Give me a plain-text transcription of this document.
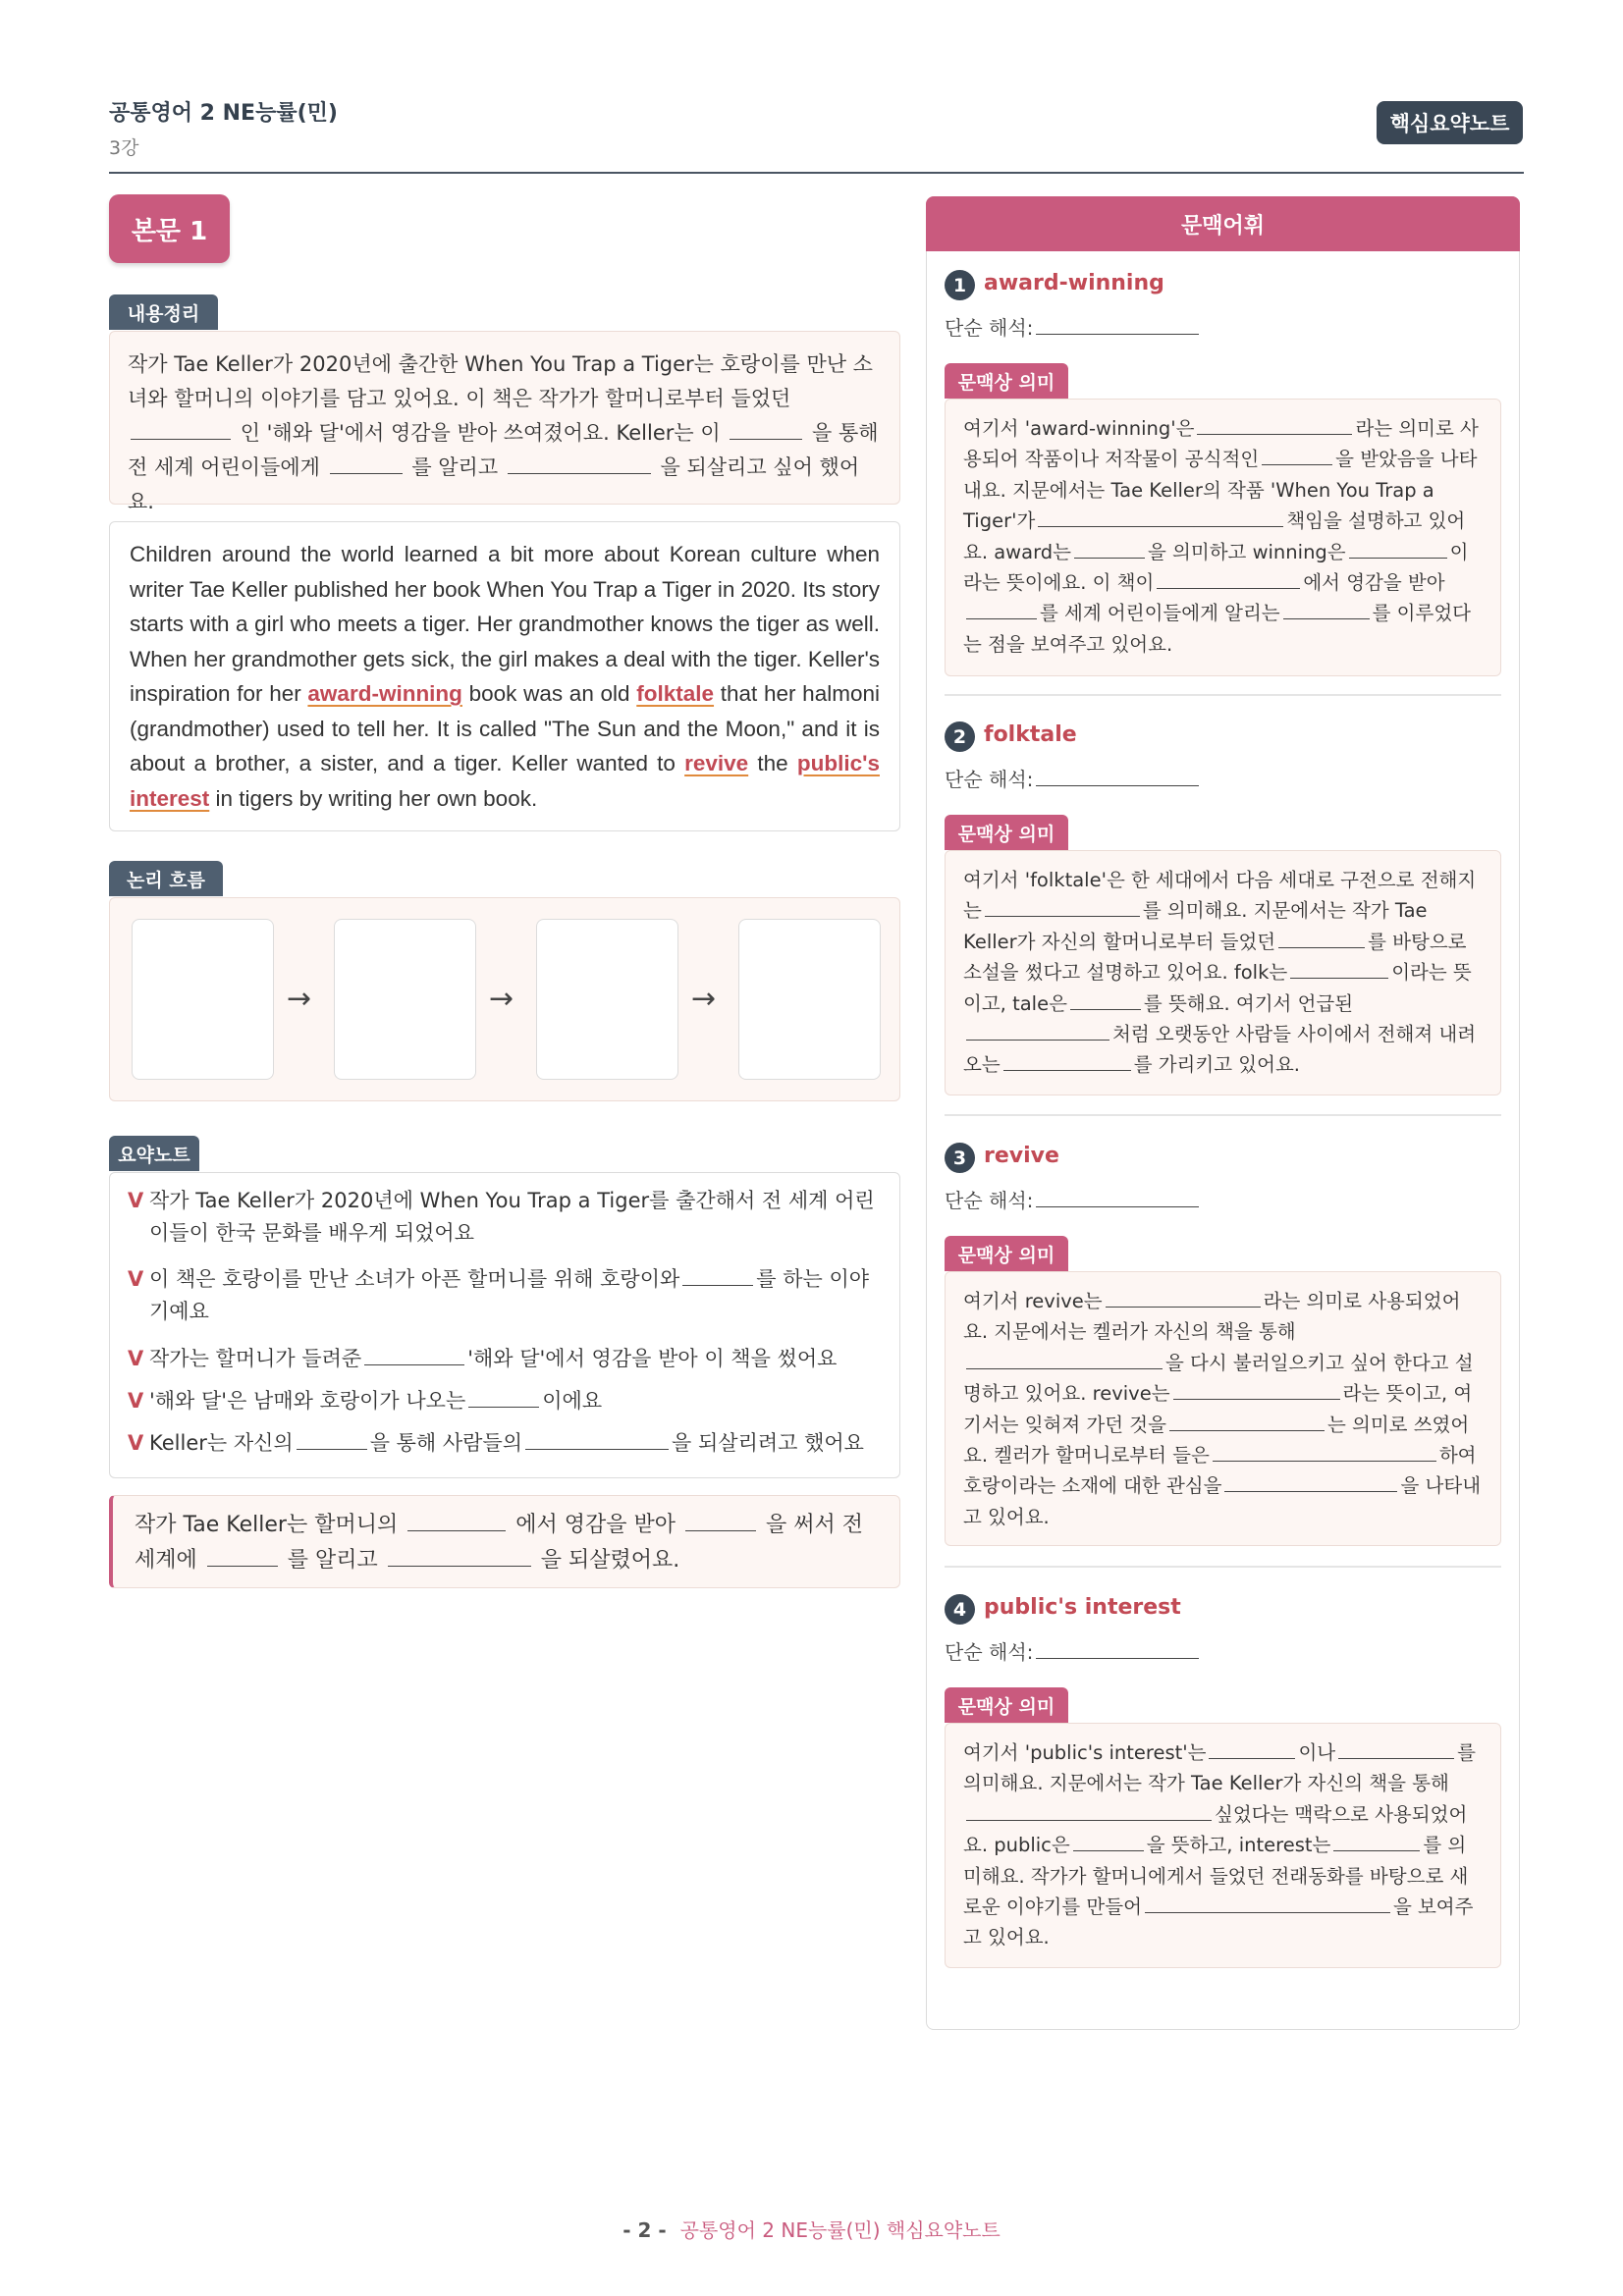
공통영어 2 NE능률(민)
3강
핵심요약노트
본문 1
내용정리
작가 Tae Keller가 2020년에 출간한 When You Trap a Tiger는 호랑이를 만난 소녀와 할머니의 이야기를 담고 있어요. 이 책은 작가가 할머니로부터 들었던  인 '해와 달'에서 영감을 받아 쓰여졌어요. Keller는 이	을 통해 전 세계 어린이들에게	를 알리고	을 되살리고 싶어 했어요.
Children around the world learned a bit more about Korean culture when writer Tae Keller published her book When You Trap a Tiger in 2020. Its story starts with a girl who meets a tiger. Her grandmother knows the tiger as well. When her grandmother gets sick, the girl makes a deal with the tiger. Keller's inspiration for her award-winning book was an old folktale that her halmoni (grandmother) used to tell her. It is called "The Sun and the Moon," and it is about a brother, a sister, and a tiger. Keller wanted to revive the public's interest in tigers by writing her own book.
논리 흐름
→	→	→
요약노트
V 작가 Tae Keller가 2020년에 When You Trap a Tiger를 출간해서 전 세계 어린이들이 한국 문화를 배우게 되었어요
V 이 책은 호랑이를 만난 소녀가 아픈 할머니를 위해 호랑이와	를 하는 이야기예요
V 작가는 할머니가 들려준	'해와 달'에서 영감을 받아 이 책을 썼어요
V '해와 달'은 남매와 호랑이가 나오는	이에요
V Keller는 자신의	을 통해 사람들의	을 되살리려고 했어요
작가 Tae Keller는 할머니의	에서 영감을 받아	을 써서 전 세계에	를 알리고	을 되살렸어요.
문맥어휘
1 award-winning
단순 해석:
문맥상 의미
여기서 'award-winning'은	라는 의미로 사용되어 작품이나 저작물이 공식적인	을 받았음을 나타내요. 지문에서는 Tae Keller의 작품 'When You Trap a Tiger'가	책임을 설명하고 있어요. award는	을 의미하고 winning은	이라는 뜻이에요. 이 책이	에서 영감을 받아를 세계 어린이들에게 알리는	를 이루었다는 점을 보여주고 있어요.
2 folktale
단순 해석:
문맥상 의미
여기서 'folktale'은 한 세대에서 다음 세대로 구전으로 전해지는	를 의미해요. 지문에서는 작가 Tae Keller가 자신의 할머니로부터 들었던	를 바탕으로 소설을 썼다고 설명하고 있어요. folk는	이라는 뜻이고, tale은	를 뜻해요. 여기서 언급된처럼 오랫동안 사람들 사이에서 전해져 내려오는	를 가리키고 있어요.
3 revive
단순 해석:
문맥상 의미
여기서 revive는	라는 의미로 사용되었어요. 지문에서는 켈러가 자신의 책을 통해을 다시 불러일으키고 싶어 한다고 설명하고 있어요. revive는	라는 뜻이고, 여기서는 잊혀져 가던 것을	는 의미로 쓰였어요. 켈러가 할머니로부터 들은	하여 호랑이라는 소재에 대한 관심을	을 나타내고 있어요.
4 public's interest
단순 해석:
문맥상 의미
여기서 'public's interest'는	이나	를 의미해요. 지문에서는 작가 Tae Keller가 자신의 책을 통해싶었다는 맥락으로 사용되었어요. public은	을 뜻하고, interest는	를 의미해요. 작가가 할머니에게서 들었던 전래동화를 바탕으로 새로운 이야기를 만들어	을 보여주고 있어요.
- 2 - 공통영어 2 NE능률(민) 핵심요약노트
